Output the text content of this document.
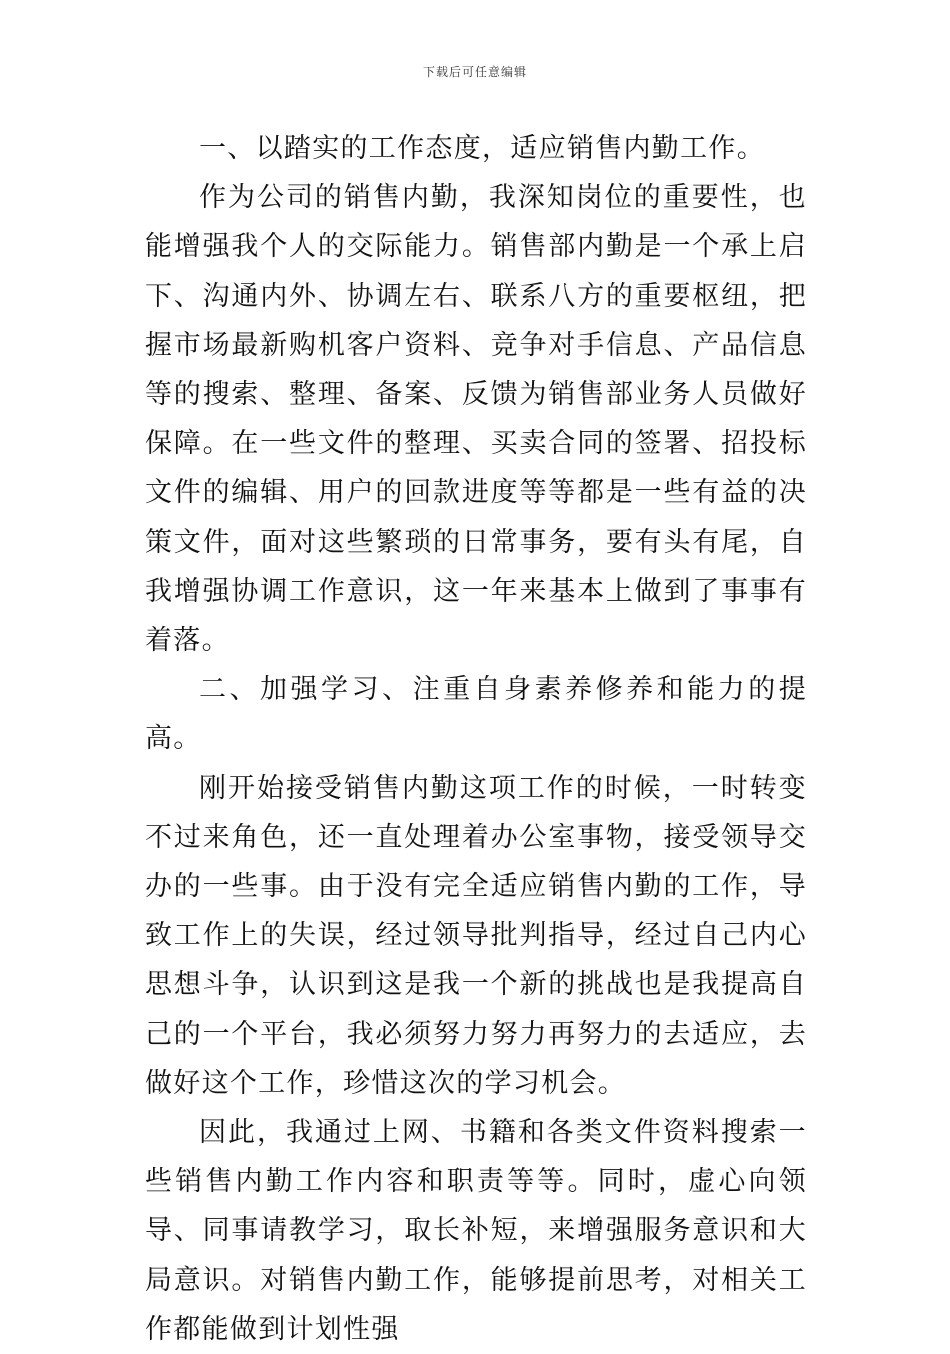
下载后可任意编辑

一、以踏实的工作态度，适应销售内勤工作。

作为公司的销售内勤，我深知岗位的重要性，也能增强我个人的交际能力。销售部内勤是一个承上启下、沟通内外、协调左右、联系八方的重要枢纽，把握市场最新购机客户资料、竞争对手信息、产品信息等的搜索、整理、备案、反馈为销售部业务人员做好保障。在一些文件的整理、买卖合同的签署、招投标文件的编辑、用户的回款进度等等都是一些有益的决策文件，面对这些繁琐的日常事务，要有头有尾，自我增强协调工作意识，这一年来基本上做到了事事有着落。

二、加强学习、注重自身素养修养和能力的提高。

刚开始接受销售内勤这项工作的时候，一时转变不过来角色，还一直处理着办公室事物，接受领导交办的一些事。由于没有完全适应销售内勤的工作，导致工作上的失误，经过领导批判指导，经过自己内心思想斗争，认识到这是我一个新的挑战也是我提高自己的一个平台，我必须努力努力再努力的去适应，去做好这个工作，珍惜这次的学习机会。

因此，我通过上网、书籍和各类文件资料搜索一些销售内勤工作内容和职责等等。同时，虚心向领导、同事请教学习，取长补短，来增强服务意识和大局意识。对销售内勤工作，能够提前思考，对相关工作都能做到计划性强
